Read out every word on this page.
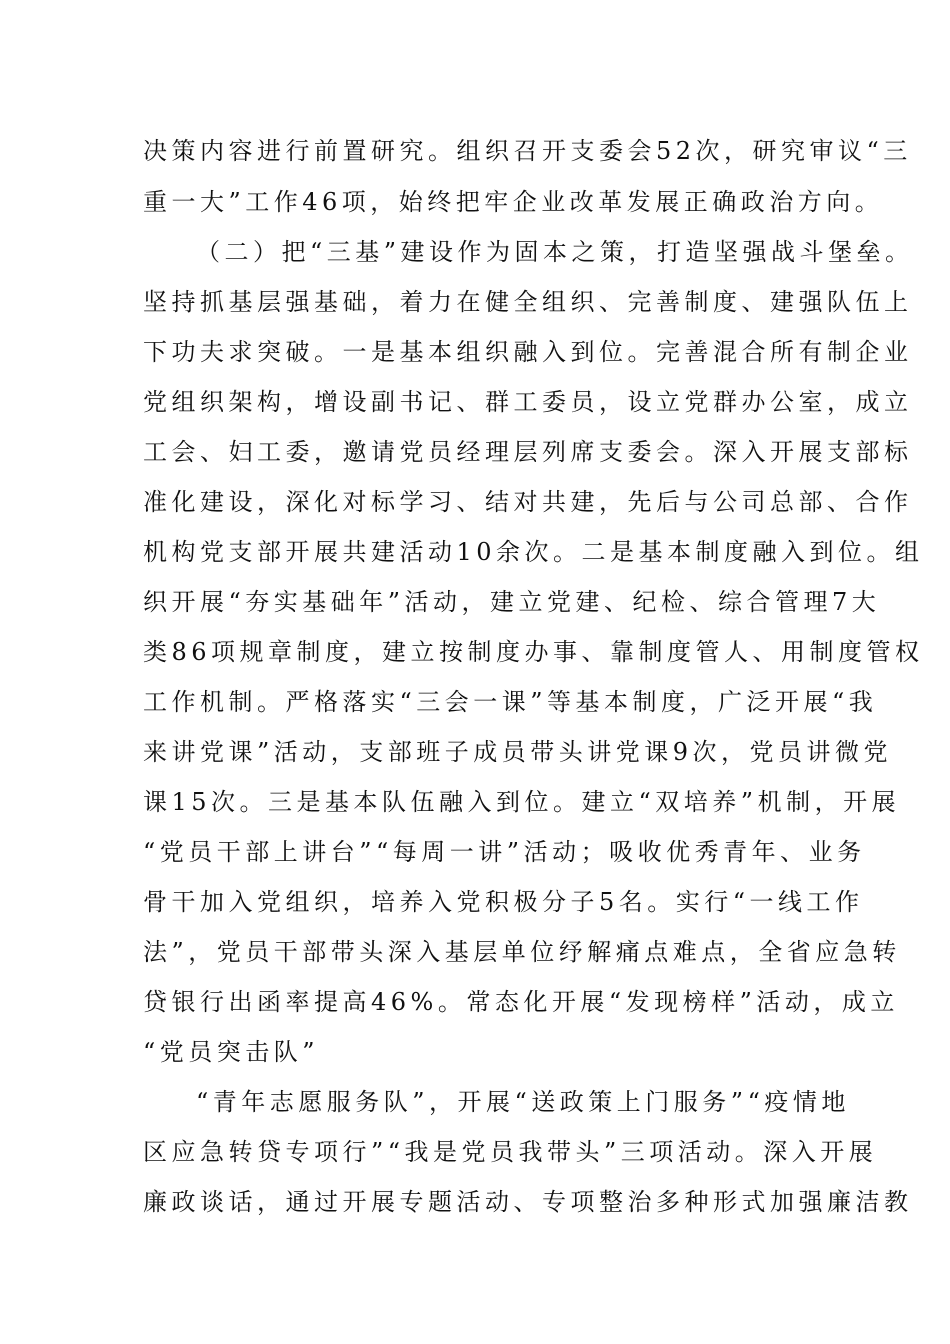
决策内容进行前置研究。组织召开支委会52次，研究审议“三
重一大”工作46项，始终把牢企业改革发展正确政治方向。
（二）把“三基”建设作为固本之策，打造坚强战斗堡垒。
坚持抓基层强基础，着力在健全组织、完善制度、建强队伍上
下功夫求突破。一是基本组织融入到位。完善混合所有制企业
党组织架构，增设副书记、群工委员，设立党群办公室，成立
工会、妇工委，邀请党员经理层列席支委会。深入开展支部标
准化建设，深化对标学习、结对共建，先后与公司总部、合作
机构党支部开展共建活动10余次。二是基本制度融入到位。组
织开展“夯实基础年”活动，建立党建、纪检、综合管理7大
类86项规章制度，建立按制度办事、靠制度管人、用制度管权
工作机制。严格落实“三会一课”等基本制度，广泛开展“我
来讲党课”活动，支部班子成员带头讲党课9次，党员讲微党
课15次。三是基本队伍融入到位。建立“双培养”机制，开展
“党员干部上讲台”“每周一讲”活动；吸收优秀青年、业务
骨干加入党组织，培养入党积极分子5名。实行“一线工作
法”，党员干部带头深入基层单位纾解痛点难点，全省应急转
贷银行出函率提高46%。常态化开展“发现榜样”活动，成立
“党员突击队”
“青年志愿服务队”，开展“送政策上门服务”“疫情地
区应急转贷专项行”“我是党员我带头”三项活动。深入开展
廉政谈话，通过开展专题活动、专项整治多种形式加强廉洁教
